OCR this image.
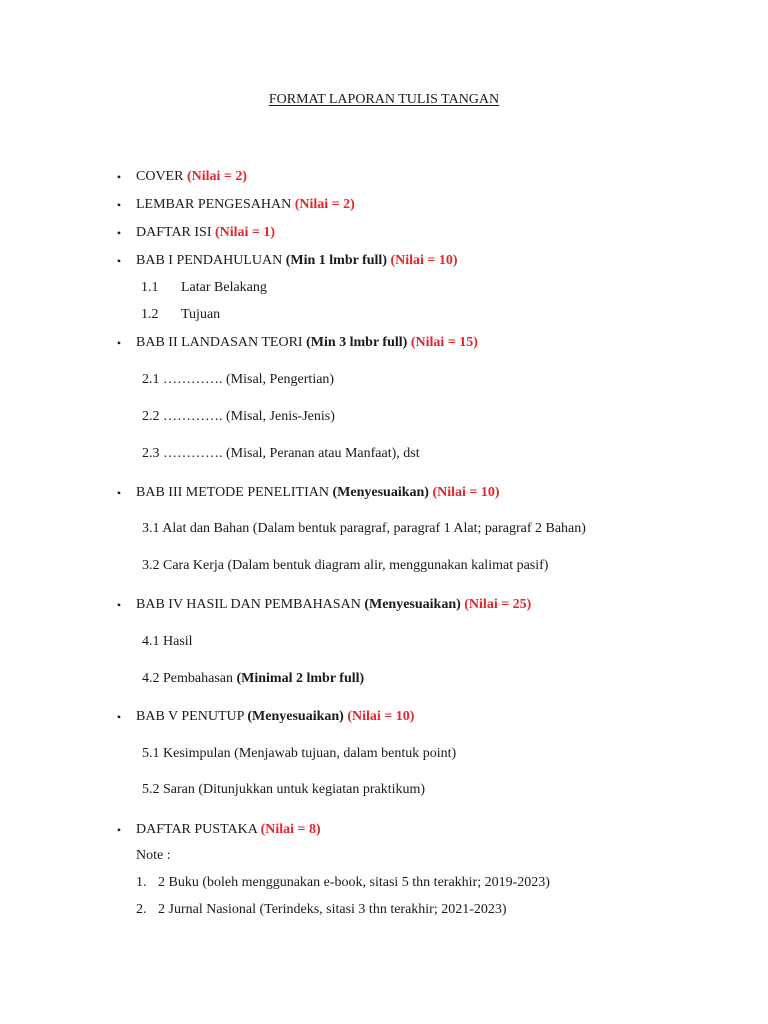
FORMAT LAPORAN TULIS TANGAN
• COVER (Nilai = 2)
• LEMBAR PENGESAHAN (Nilai = 2)
• DAFTAR ISI (Nilai = 1)
• BAB I PENDAHULUAN (Min 1 lmbr full) (Nilai = 10)
1.1 Latar Belakang
1.2 Tujuan
• BAB II LANDASAN TEORI (Min 3 lmbr full) (Nilai = 15)
2.1 …………. (Misal, Pengertian)
2.2 …………. (Misal, Jenis-Jenis)
2.3 …………. (Misal, Peranan atau Manfaat), dst
• BAB III METODE PENELITIAN (Menyesuaikan) (Nilai = 10)
3.1 Alat dan Bahan (Dalam bentuk paragraf, paragraf 1 Alat; paragraf 2 Bahan)
3.2 Cara Kerja (Dalam bentuk diagram alir, menggunakan kalimat pasif)
• BAB IV HASIL DAN PEMBAHASAN (Menyesuaikan) (Nilai = 25)
4.1 Hasil
4.2 Pembahasan (Minimal 2 lmbr full)
• BAB V PENUTUP (Menyesuaikan) (Nilai = 10)
5.1 Kesimpulan (Menjawab tujuan, dalam bentuk point)
5.2 Saran (Ditunjukkan untuk kegiatan praktikum)
• DAFTAR PUSTAKA (Nilai = 8)
Note :
1. 2 Buku (boleh menggunakan e-book, sitasi 5 thn terakhir; 2019-2023)
2. 2 Jurnal Nasional (Terindeks, sitasi 3 thn terakhir; 2021-2023)
